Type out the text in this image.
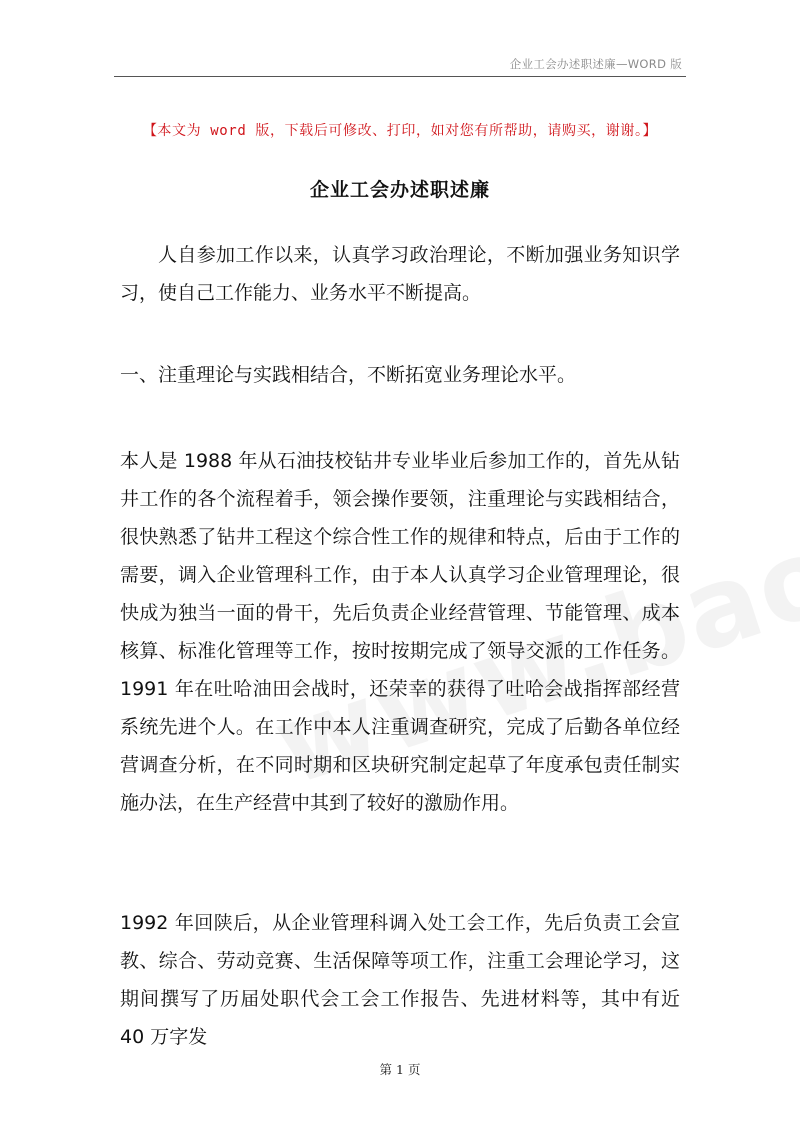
企业工会办述职述廉—WORD 版
【本文为 word 版，下载后可修改、打印，如对您有所帮助，请购买，谢谢。】
企业工会办述职述廉
人自参加工作以来，认真学习政治理论，不断加强业务知识学习，使自己工作能力、业务水平不断提高。
一、注重理论与实践相结合，不断拓宽业务理论水平。
本人是 1988 年从石油技校钻井专业毕业后参加工作的，首先从钻井工作的各个流程着手，领会操作要领，注重理论与实践相结合，很快熟悉了钻井工程这个综合性工作的规律和特点，后由于工作的需要，调入企业管理科工作，由于本人认真学习企业管理理论，很快成为独当一面的骨干，先后负责企业经营管理、节能管理、成本核算、标准化管理等工作，按时按期完成了领导交派的工作任务。1991 年在吐哈油田会战时，还荣幸的获得了吐哈会战指挥部经营系统先进个人。在工作中本人注重调查研究，完成了后勤各单位经营调查分析，在不同时期和区块研究制定起草了年度承包责任制实施办法，在生产经营中其到了较好的激励作用。
1992 年回陕后，从企业管理科调入处工会工作，先后负责工会宣教、综合、劳动竞赛、生活保障等项工作，注重工会理论学习，这期间撰写了历届处职代会工会工作报告、先进材料等，其中有近 40 万字发
第 1 页
